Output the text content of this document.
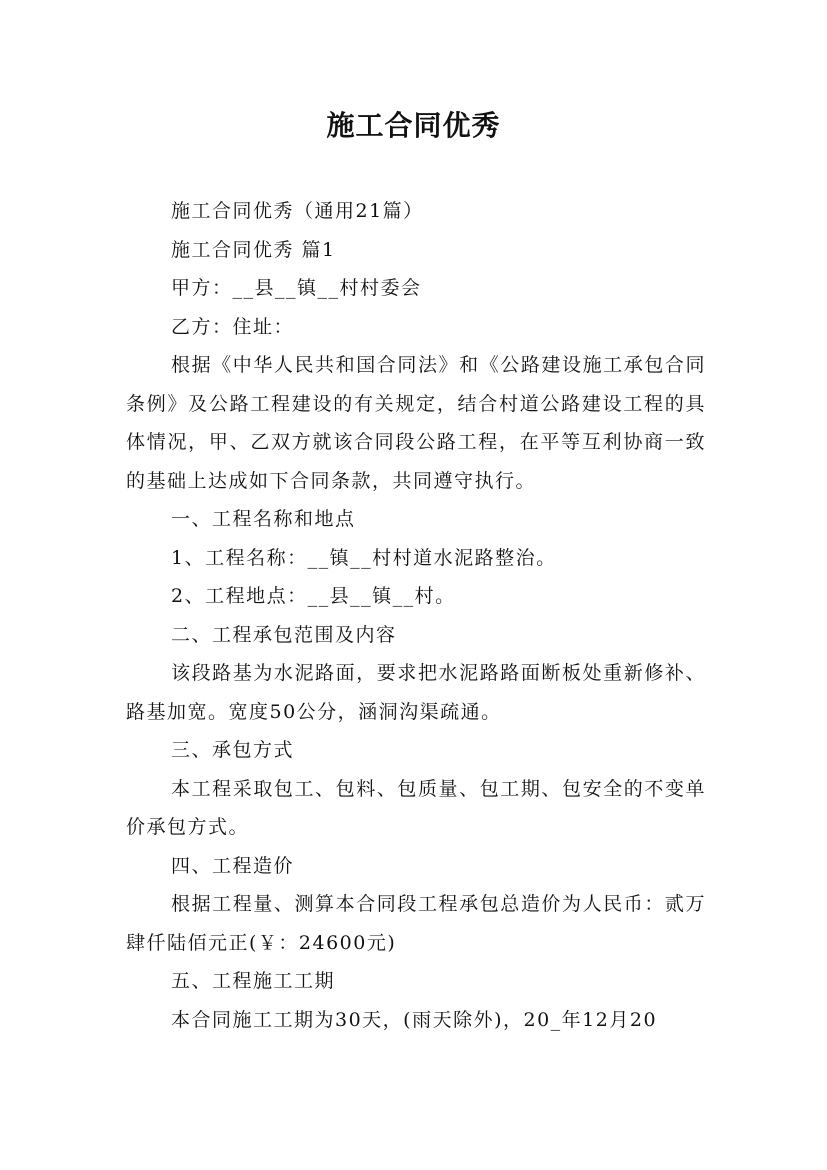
施工合同优秀

施工合同优秀（通用21篇）

施工合同优秀 篇1

甲方：__县__镇__村村委会

乙方：住址：

根据《中华人民共和国合同法》和《公路建设施工承包合同条例》及公路工程建设的有关规定，结合村道公路建设工程的具体情况，甲、乙双方就该合同段公路工程，在平等互利协商一致的基础上达成如下合同条款，共同遵守执行。

一、工程名称和地点

1、工程名称：__镇__村村道水泥路整治。

2、工程地点：__县__镇__村。

二、工程承包范围及内容

该段路基为水泥路面，要求把水泥路路面断板处重新修补、路基加宽。宽度50公分，涵洞沟渠疏通。

三、承包方式

本工程采取包工、包料、包质量、包工期、包安全的不变单价承包方式。

四、工程造价

根据工程量、测算本合同段工程承包总造价为人民币：贰万肆仟陆佰元正(￥：24600元)

五、工程施工工期

本合同施工工期为30天，(雨天除外)，20_年12月20
